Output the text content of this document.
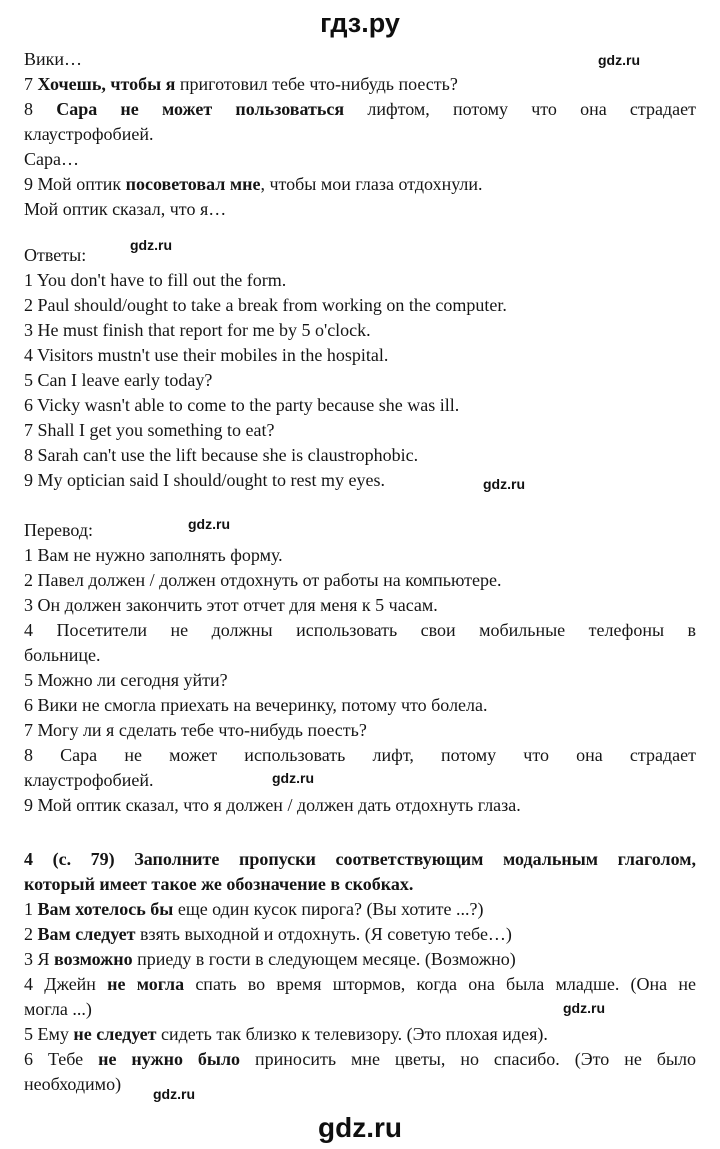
гдз.ру
Вики…
7 Хочешь, чтобы я приготовил тебе что-нибудь поесть?
8 Сара не может пользоваться лифтом, потому что она страдает
клаустрофобией.
Сара…
9 Мой оптик посоветовал мне, чтобы мои глаза отдохнули.
Мой оптик сказал, что я…
Ответы:
1 You don't have to fill out the form.
2 Paul should/ought to take a break from working on the computer.
3 He must finish that report for me by 5 o'clock.
4 Visitors mustn't use their mobiles in the hospital.
5 Can I leave early today?
6 Vicky wasn't able to come to the party because she was ill.
7 Shall I get you something to eat?
8 Sarah can't use the lift because she is claustrophobic.
9 My optician said I should/ought to rest my eyes.
Перевод:
1 Вам не нужно заполнять форму.
2 Павел должен / должен отдохнуть от работы на компьютере.
3 Он должен закончить этот отчет для меня к 5 часам.
4 Посетители не должны использовать свои мобильные телефоны в
больнице.
5 Можно ли сегодня уйти?
6 Вики не смогла приехать на вечеринку, потому что болела.
7 Могу ли я сделать тебе что-нибудь поесть?
8 Сара не может использовать лифт, потому что она страдает
клаустрофобией.
9 Мой оптик сказал, что я должен / должен дать отдохнуть глаза.
4 (с. 79) Заполните пропуски соответствующим модальным глаголом,
который имеет такое же обозначение в скобках.
1 Вам хотелось бы еще один кусок пирога? (Вы хотите ...?)
2 Вам следует взять выходной и отдохнуть. (Я советую тебе…)
3 Я возможно приеду в гости в следующем месяце. (Возможно)
4 Джейн не могла спать во время штормов, когда она была младше. (Она не
могла ...)
5 Ему не следует сидеть так близко к телевизору. (Это плохая идея).
6 Тебе не нужно было приносить мне цветы, но спасибо. (Это не было
необходимо)
gdz.ru
gdz.ru
gdz.ru
gdz.ru
gdz.ru
gdz.ru
gdz.ru
gdz.ru
